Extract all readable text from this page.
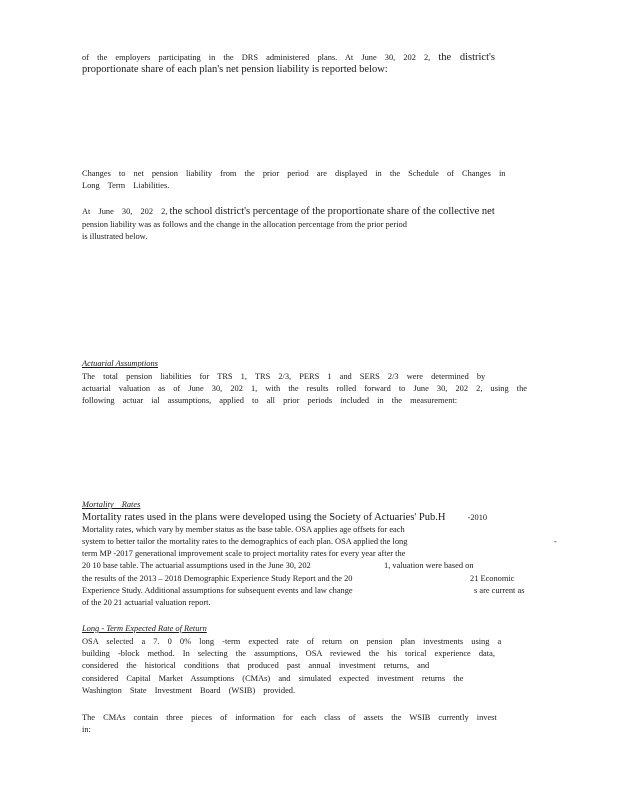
of the employers participating in the DRS administered plans. At June 30, 202 2, the district's
proportionate share of each plan's net pension liability is reported below:
Changes to net pension liability from the prior period are displayed in the Schedule of Changes in
Long Term Liabilities.
At June 30, 202 2, the school district's percentage of the proportionate share of the collective net
pension liability was as follows and the change in the allocation percentage from the prior period
is illustrated below.
Actuarial Assumptions
The total pension liabilities for TRS 1, TRS 2/3, PERS 1 and SERS 2/3 were determined by
actuarial valuation as of June 30, 202 1, with the results rolled forward to June 30, 202 2, using the
following actuar ial assumptions, applied to all prior periods included in the measurement:
Mortality Rates
Mortality rates used in the plans were developed using the Society of Actuaries' Pub.H	-2010
Mortality rates, which vary by member status as the base table. OSA applies age offsets for each
system to better tailor the mortality rates to the demographics of each plan. OSA applied the long	-
term MP -2017 generational improvement scale to project mortality rates for every year after the
20 10 base table. The actuarial assumptions used in the June 30, 202	1, valuation were based on
the results of the 2013 – 2018 Demographic Experience Study Report and the 20	21 Economic
Experience Study. Additional assumptions for subsequent events and law change	s are current as
of the 20 21 actuarial valuation report.
Long - Term Expected Rate of Return
OSA selected a 7. 0 0% long -term expected rate of return on pension plan investments using a
building -block method. In selecting the assumptions, OSA reviewed the his torical experience data,
considered the historical conditions that produced past annual investment returns, and
considered Capital Market Assumptions (CMAs) and simulated expected investment returns the
Washington State Investment Board (WSIB) provided.
The CMAs contain three pieces of information for each class of assets the WSIB currently invest
in:
